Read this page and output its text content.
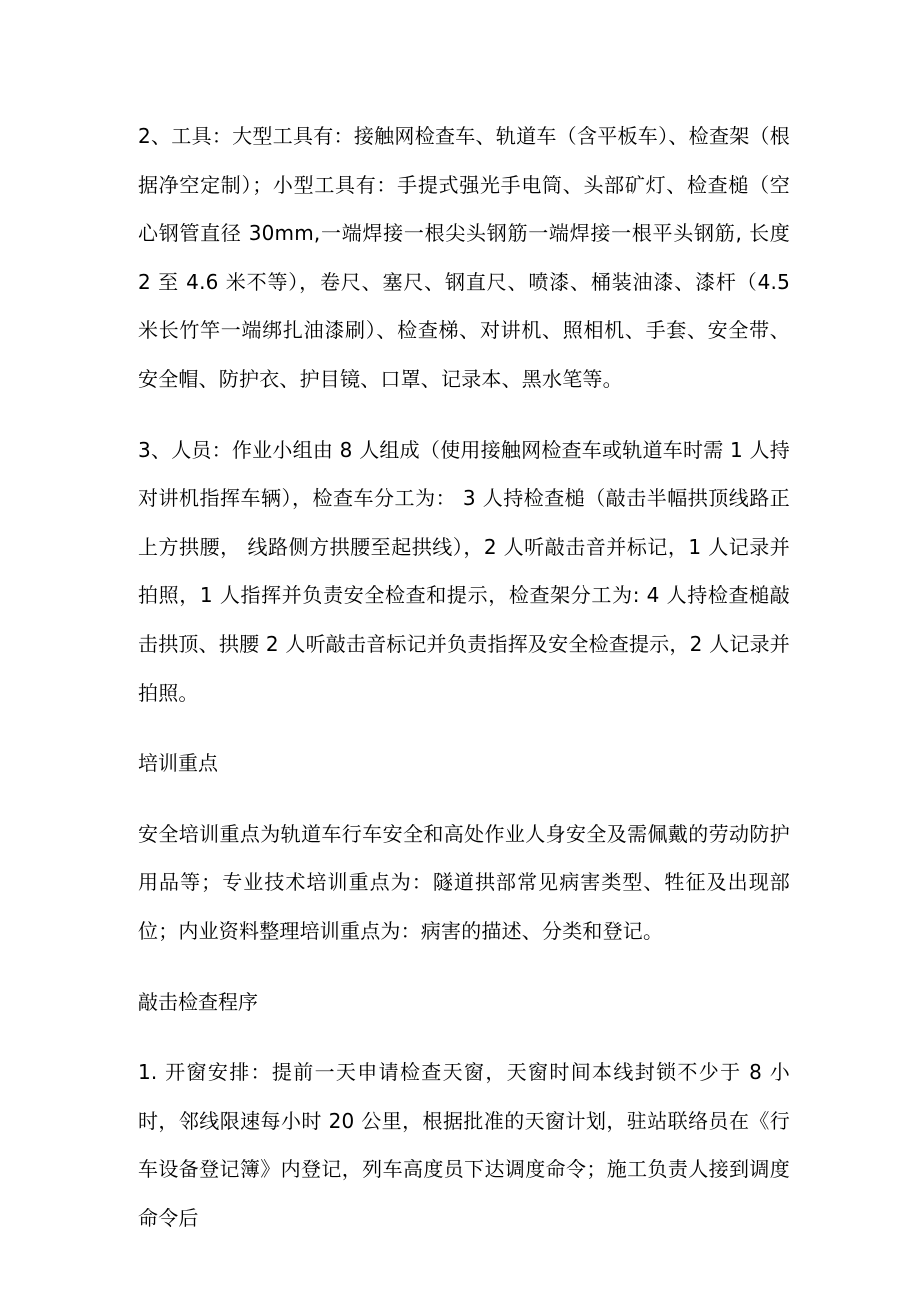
2、工具：大型工具有：接触网检查车、轨道车（含平板车）、检查架（根据净空定制）；小型工具有：手提式强光手电筒、头部矿灯、检查槌（空心钢管直径 30mm,一端焊接一根尖头钢筋一端焊接一根平头钢筋, 长度 2 至 4.6 米不等），卷尺、塞尺、钢直尺、喷漆、桶装油漆、漆杆（4.5 米长竹竿一端绑扎油漆刷）、检查梯、对讲机、照相机、手套、安全带、安全帽、防护衣、护目镜、口罩、记录本、黑水笔等。

3、人员：作业小组由 8 人组成（使用接触网检查车或轨道车时需 1 人持对讲机指挥车辆），检查车分工为： 3 人持检查槌（敲击半幅拱顶线路正上方拱腰， 线路侧方拱腰至起拱线），2 人听敲击音并标记，1 人记录并拍照，1 人指挥并负责安全检查和提示，检查架分工为: 4 人持检查槌敲击拱顶、拱腰 2 人听敲击音标记并负责指挥及安全检查提示，2 人记录并拍照。

培训重点

安全培训重点为轨道车行车安全和高处作业人身安全及需佩戴的劳动防护用品等；专业技术培训重点为：隧道拱部常见病害类型、牲征及出现部位；内业资料整理培训重点为：病害的描述、分类和登记。

敲击检查程序

1. 开窗安排：提前一天申请检查天窗，天窗时间本线封锁不少于 8 小时，邻线限速每小时 20 公里，根据批准的天窗计划，驻站联络员在《行车设备登记簿》内登记，列车高度员下达调度命令；施工负责人接到调度命令后
